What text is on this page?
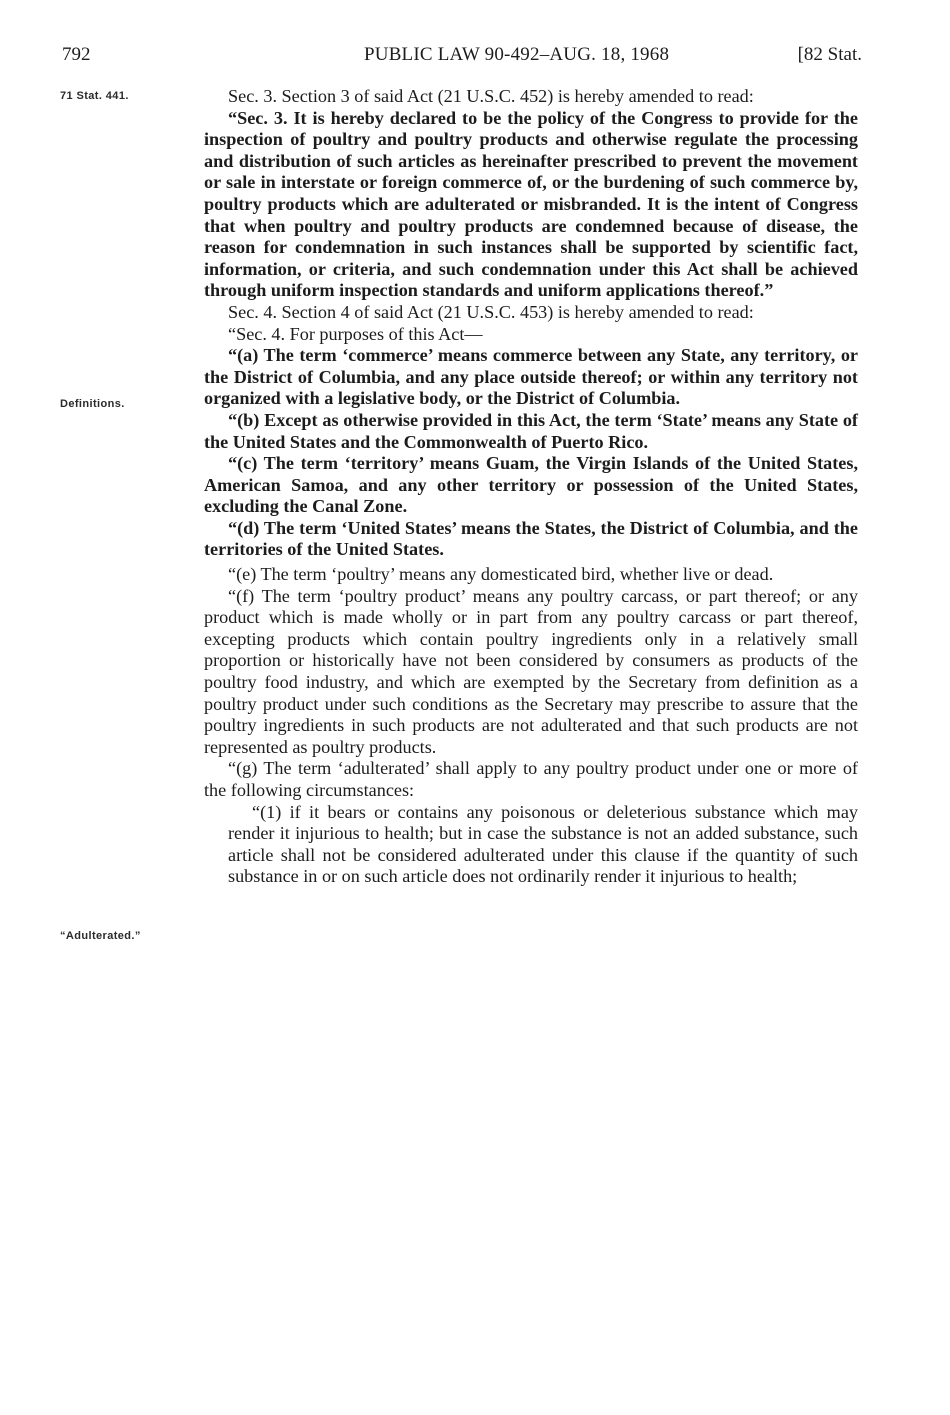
792	PUBLIC LAW 90-492–AUG. 18, 1968	[82 Stat.
71 Stat. 441.
Definitions.
“Adulterated.”

Sec. 3. Section 3 of said Act (21 U.S.C. 452) is hereby amended to read:

“Sec. 3. It is hereby declared to be the policy of the Congress to provide for the inspection of poultry and poultry products and otherwise regulate the processing and distribution of such articles as hereinafter prescribed to prevent the movement or sale in interstate or foreign commerce of, or the burdening of such commerce by, poultry products which are adulterated or misbranded. It is the intent of Congress that when poultry and poultry products are condemned because of disease, the reason for condemnation in such instances shall be supported by scientific fact, information, or criteria, and such condemnation under this Act shall be achieved through uniform inspection standards and uniform applications thereof.”

Sec. 4. Section 4 of said Act (21 U.S.C. 453) is hereby amended to read:

“Sec. 4. For purposes of this Act—

“(a) The term ‘commerce’ means commerce between any State, any territory, or the District of Columbia, and any place outside thereof; or within any territory not organized with a legislative body, or the District of Columbia.

“(b) Except as otherwise provided in this Act, the term ‘State’ means any State of the United States and the Commonwealth of Puerto Rico.

“(c) The term ‘territory’ means Guam, the Virgin Islands of the United States, American Samoa, and any other territory or possession of the United States, excluding the Canal Zone.

“(d) The term ‘United States’ means the States, the District of Columbia, and the territories of the United States.

“(e) The term ‘poultry’ means any domesticated bird, whether live or dead.

“(f) The term ‘poultry product’ means any poultry carcass, or part thereof; or any product which is made wholly or in part from any poultry carcass or part thereof, excepting products which contain poultry ingredients only in a relatively small proportion or historically have not been considered by consumers as products of the poultry food industry, and which are exempted by the Secretary from definition as a poultry product under such conditions as the Secretary may prescribe to assure that the poultry ingredients in such products are not adulterated and that such products are not represented as poultry products.

“(g) The term ‘adulterated’ shall apply to any poultry product under one or more of the following circumstances:

“(1) if it bears or contains any poisonous or deleterious substance which may render it injurious to health; but in case the substance is not an added substance, such article shall not be considered adulterated under this clause if the quantity of such substance in or on such article does not ordinarily render it injurious to health;
